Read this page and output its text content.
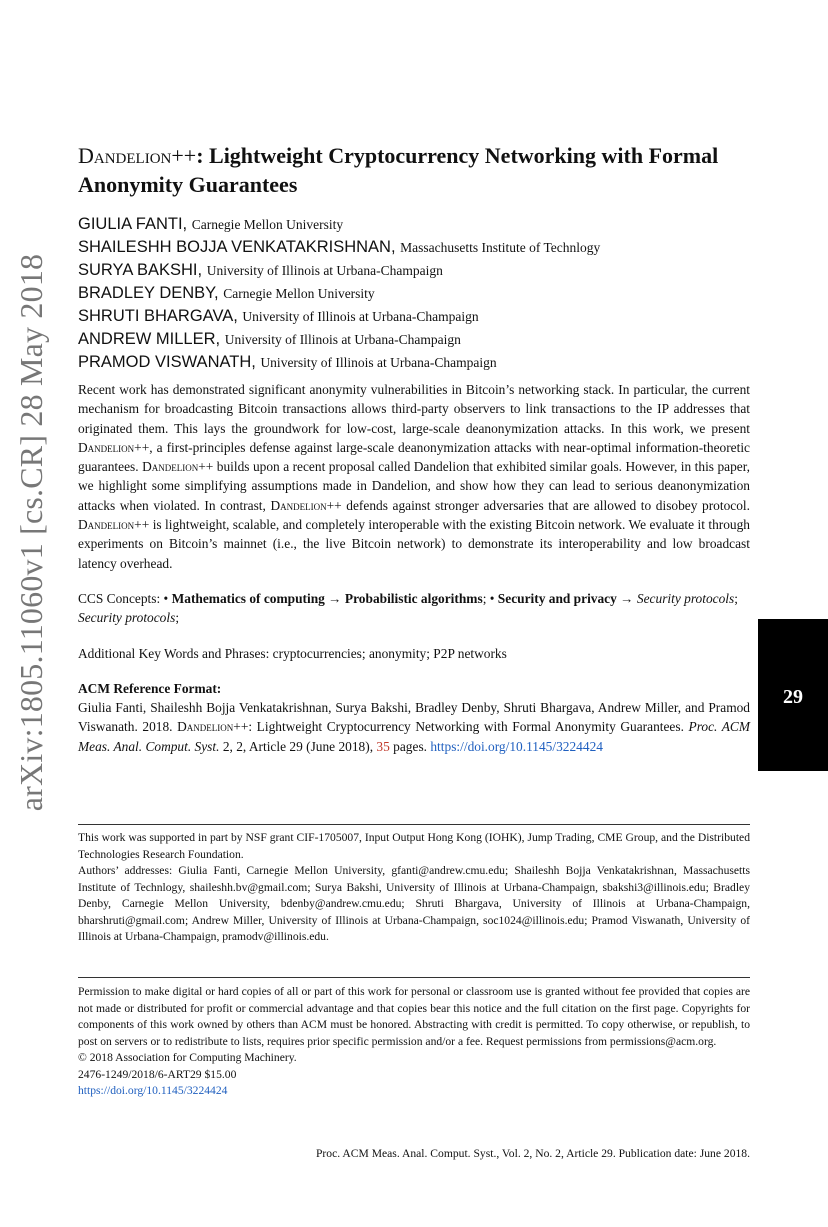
arXiv:1805.11060v1 [cs.CR] 28 May 2018	29
Dandelion++: Lightweight Cryptocurrency Networking with Formal Anonymity Guarantees
GIULIA FANTI, Carnegie Mellon University
SHAILESHH BOJJA VENKATAKRISHNAN, Massachusetts Institute of Technlogy
SURYA BAKSHI, University of Illinois at Urbana-Champaign
BRADLEY DENBY, Carnegie Mellon University
SHRUTI BHARGAVA, University of Illinois at Urbana-Champaign
ANDREW MILLER, University of Illinois at Urbana-Champaign
PRAMOD VISWANATH, University of Illinois at Urbana-Champaign

Recent work has demonstrated significant anonymity vulnerabilities in Bitcoin’s networking stack. In particular, the current mechanism for broadcasting Bitcoin transactions allows third-party observers to link transactions to the IP addresses that originated them. This lays the groundwork for low-cost, large-scale deanonymization attacks. In this work, we present Dandelion++, a first-principles defense against large-scale deanonymization attacks with near-optimal information-theoretic guarantees. Dandelion++ builds upon a recent proposal called Dandelion that exhibited similar goals. However, in this paper, we highlight some simplifying assumptions made in Dandelion, and show how they can lead to serious deanonymization attacks when violated. In contrast, Dandelion++ defends against stronger adversaries that are allowed to disobey protocol. Dandelion++ is lightweight, scalable, and completely interoperable with the existing Bitcoin network. We evaluate it through experiments on Bitcoin’s mainnet (i.e., the live Bitcoin network) to demonstrate its interoperability and low broadcast latency overhead.

CCS Concepts: • Mathematics of computing → Probabilistic algorithms; • Security and privacy → Security protocols; Security protocols;

Additional Key Words and Phrases: cryptocurrencies; anonymity; P2P networks

ACM Reference Format:

Giulia Fanti, Shaileshh Bojja Venkatakrishnan, Surya Bakshi, Bradley Denby, Shruti Bhargava, Andrew Miller, and Pramod Viswanath. 2018. Dandelion++: Lightweight Cryptocurrency Networking with Formal Anonymity Guarantees. Proc. ACM Meas. Anal. Comput. Syst. 2, 2, Article 29 (June 2018), 35 pages. https://doi.org/10.1145/3224424

This work was supported in part by NSF grant CIF-1705007, Input Output Hong Kong (IOHK), Jump Trading, CME Group, and the Distributed Technologies Research Foundation.

Authors’ addresses: Giulia Fanti, Carnegie Mellon University, gfanti@andrew.cmu.edu; Shaileshh Bojja Venkatakrishnan, Massachusetts Institute of Technlogy, shaileshh.bv@gmail.com; Surya Bakshi, University of Illinois at Urbana-Champaign, sbakshi3@illinois.edu; Bradley Denby, Carnegie Mellon University, bdenby@andrew.cmu.edu; Shruti Bhargava, University of Illinois at Urbana-Champaign, bharshruti@gmail.com; Andrew Miller, University of Illinois at Urbana-Champaign, soc1024@illinois.edu; Pramod Viswanath, University of Illinois at Urbana-Champaign, pramodv@illinois.edu.

Permission to make digital or hard copies of all or part of this work for personal or classroom use is granted without fee provided that copies are not made or distributed for profit or commercial advantage and that copies bear this notice and the full citation on the first page. Copyrights for components of this work owned by others than ACM must be honored. Abstracting with credit is permitted. To copy otherwise, or republish, to post on servers or to redistribute to lists, requires prior specific permission and/or a fee. Request permissions from permissions@acm.org.

© 2018 Association for Computing Machinery.

2476-1249/2018/6-ART29 $15.00

https://doi.org/10.1145/3224424

Proc. ACM Meas. Anal. Comput. Syst., Vol. 2, No. 2, Article 29. Publication date: June 2018.
